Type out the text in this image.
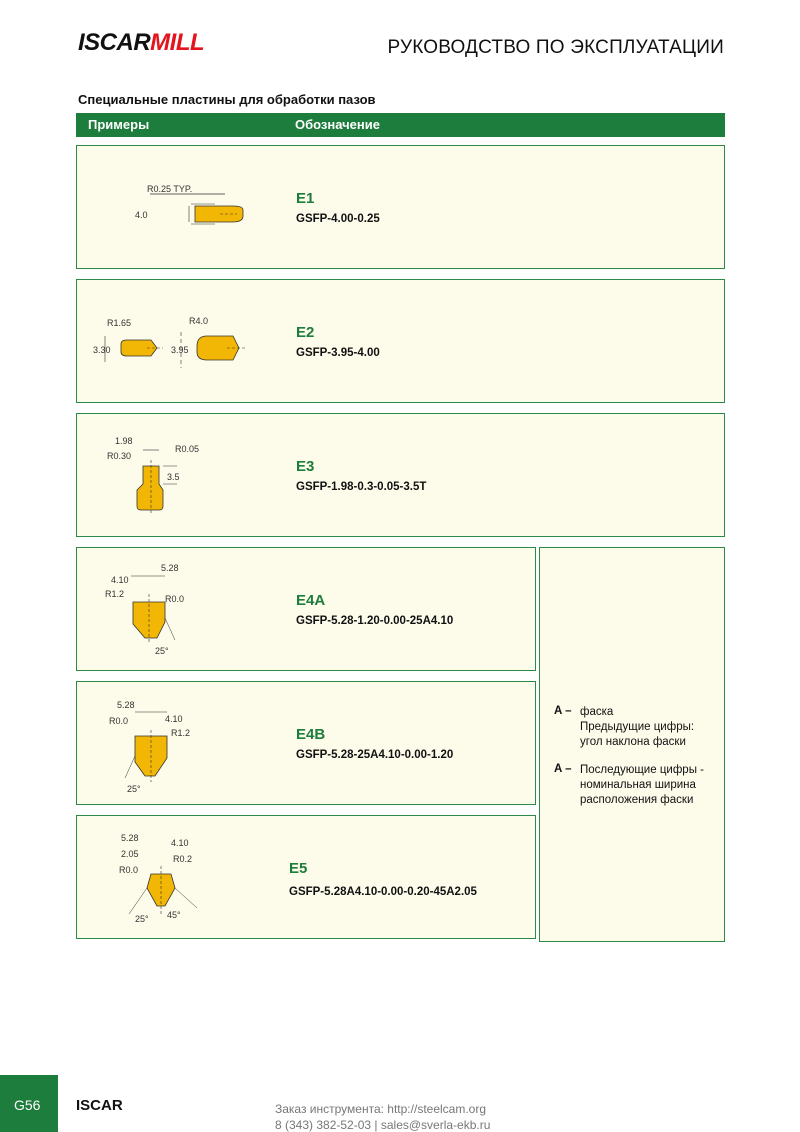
ISCARMILL	РУКОВОДСТВО ПО ЭКСПЛУАТАЦИИ
Специальные пластины для обработки пазов
Примеры	Обозначение
R0.25 TYP.
4.0
E1
GSFP-4.00-0.25
R1.65
3.30
R4.0
3.95
E2
GSFP-3.95-4.00
1.98
R0.30
R0.05
3.5
E3
GSFP-1.98-0.3-0.05-3.5T
5.28
4.10
R1.2	R0.0
25°
E4A
GSFP-5.28-1.20-0.00-25A4.10
5.28
R0.0	4.10
R1.2
25°
E4B
GSFP-5.28-25A4.10-0.00-1.20
5.28	4.10
2.05	R0.2
R0.0
25° 45°
E5
GSFP-5.28A4.10-0.00-0.20-45A2.05
A – фаска
Предыдущие цифры:
угол наклона фаски
A – Последующие цифры -
номинальная ширина
расположения фаски
G56 ISCAR	Заказ инструмента: http://steelcam.org
8 (343) 382-52-03 | sales@sverla-ekb.ru
